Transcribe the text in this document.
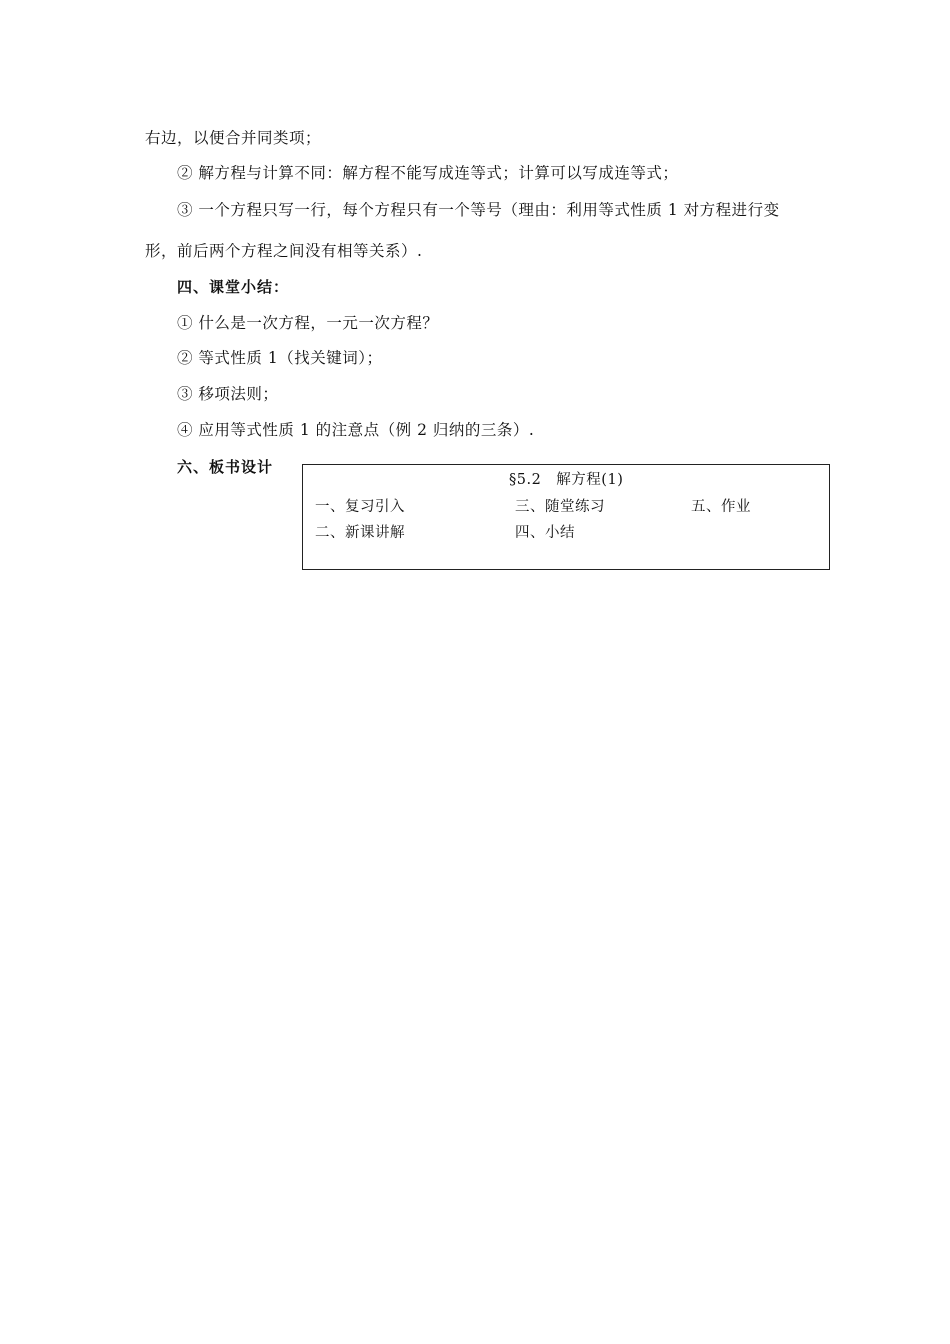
右边，以便合并同类项；
② 解方程与计算不同：解方程不能写成连等式；计算可以写成连等式；
③ 一个方程只写一行，每个方程只有一个等号（理由：利用等式性质 1 对方程进行变
形，前后两个方程之间没有相等关系）.
四、课堂小结：
① 什么是一次方程，一元一次方程？
② 等式性质 1（找关键词）；
③ 移项法则；
④ 应用等式性质 1 的注意点（例 2 归纳的三条）.
六、板书设计
§5.2　解方程(1)
一、复习引入	三、随堂练习	五、作业
二、新课讲解	四、小结
